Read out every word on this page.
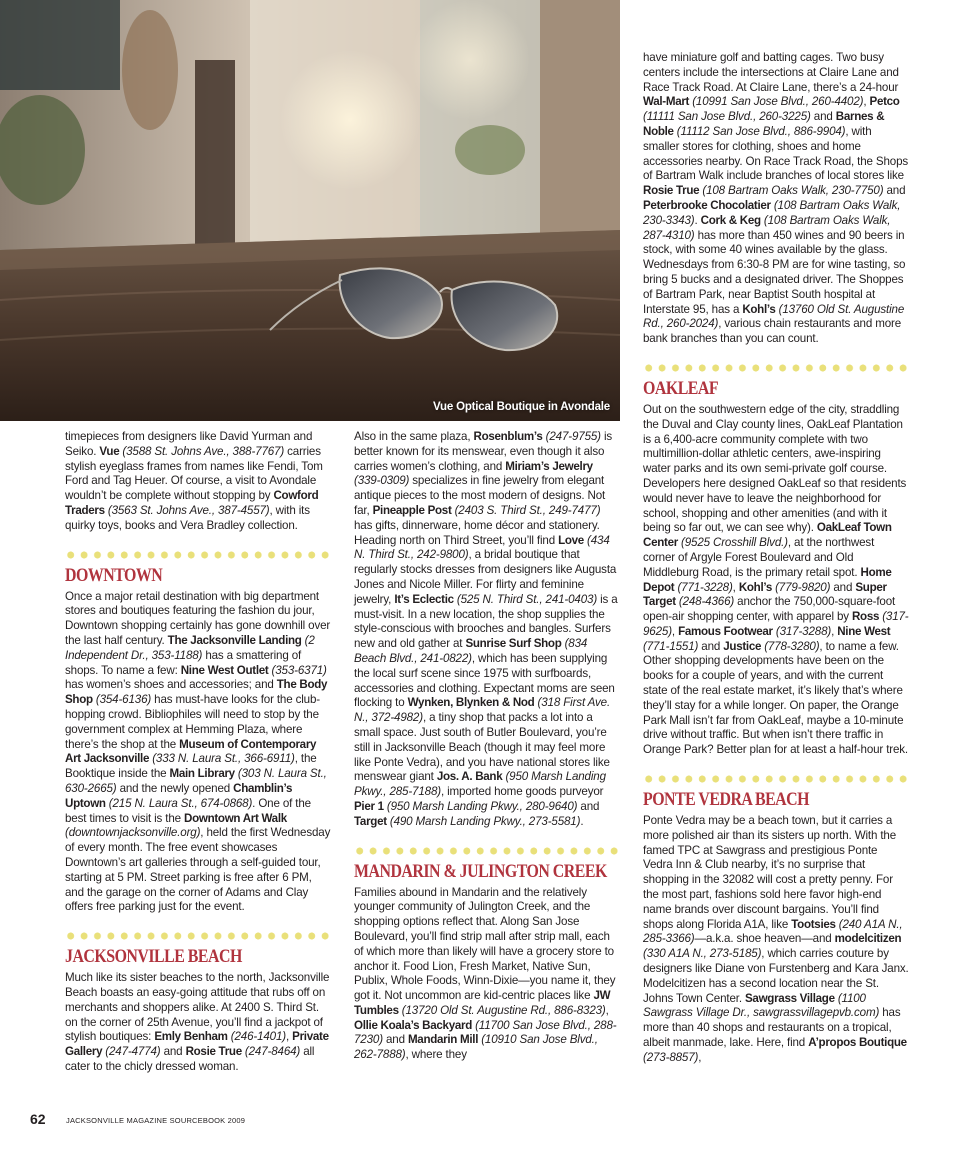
Vue Optical Boutique in Avondale

timepieces from designers like David Yurman and Seiko. Vue (3588 St. Johns Ave., 388-7767) carries stylish eyeglass frames from names like Fendi, Tom Ford and Tag Heuer. Of course, a visit to Avondale wouldn’t be complete without stopping by Cowford Traders (3563 St. Johns Ave., 387-4557), with its quirky toys, books and Vera Bradley collection.

DOWNTOWN

Once a major retail destination with big department stores and boutiques featuring the fashion du jour, Downtown shopping certainly has gone downhill over the last half century. The Jacksonville Landing (2 Independent Dr., 353-1188) has a smattering of shops. To name a few: Nine West Outlet (353-6371) has women’s shoes and accessories; and The Body Shop (354-6136) has must-have looks for the club-hopping crowd. Bibliophiles will need to stop by the government complex at Hemming Plaza, where there’s the shop at the Museum of Contemporary Art Jacksonville (333 N. Laura St., 366-6911), the Booktique inside the Main Library (303 N. Laura St., 630-2665) and the newly opened Chamblin’s Uptown (215 N. Laura St., 674-0868). One of the best times to visit is the Downtown Art Walk (downtownjacksonville.org), held the first Wednesday of every month. The free event showcases Downtown’s art galleries through a self-guided tour, starting at 5 PM. Street parking is free after 6 PM, and the garage on the corner of Adams and Clay offers free parking just for the event.

JACKSONVILLE BEACH

Much like its sister beaches to the north, Jacksonville Beach boasts an easy-going attitude that rubs off on merchants and shoppers alike. At 2400 S. Third St. on the corner of 25th Avenue, you’ll find a jackpot of stylish boutiques: Emly Benham (246-1401), Private Gallery (247-4774) and Rosie True (247-8464) all cater to the chicly dressed woman.

Also in the same plaza, Rosenblum’s (247-9755) is better known for its menswear, even though it also carries women’s clothing, and Miriam’s Jewelry (339-0309) specializes in fine jewelry from elegant antique pieces to the most modern of designs. Not far, Pineapple Post (2403 S. Third St., 249-7477) has gifts, dinnerware, home décor and stationery. Heading north on Third Street, you’ll find Love (434 N. Third St., 242-9800), a bridal boutique that regularly stocks dresses from designers like Augusta Jones and Nicole Miller. For flirty and feminine jewelry, It’s Eclectic (525 N. Third St., 241-0403) is a must-visit. In a new location, the shop supplies the style-conscious with brooches and bangles. Surfers new and old gather at Sunrise Surf Shop (834 Beach Blvd., 241-0822), which has been supplying the local surf scene since 1975 with surfboards, accessories and clothing. Expectant moms are seen flocking to Wynken, Blynken & Nod (318 First Ave. N., 372-4982), a tiny shop that packs a lot into a small space. Just south of Butler Boulevard, you’re still in Jacksonville Beach (though it may feel more like Ponte Vedra), and you have national stores like menswear giant Jos. A. Bank (950 Marsh Landing Pkwy., 285-7188), imported home goods purveyor Pier 1 (950 Marsh Landing Pkwy., 280-9640) and Target (490 Marsh Landing Pkwy., 273-5581).

MANDARIN & JULINGTON CREEK

Families abound in Mandarin and the relatively younger community of Julington Creek, and the shopping options reflect that. Along San Jose Boulevard, you’ll find strip mall after strip mall, each of which more than likely will have a grocery store to anchor it. Food Lion, Fresh Market, Native Sun, Publix, Whole Foods, Winn-Dixie—you name it, they got it. Not uncommon are kid-centric places like JW Tumbles (13720 Old St. Augustine Rd., 886-8323), Ollie Koala’s Backyard (11700 San Jose Blvd., 288-7230) and Mandarin Mill (10910 San Jose Blvd., 262-7888), where they

have miniature golf and batting cages. Two busy centers include the intersections at Claire Lane and Race Track Road. At Claire Lane, there’s a 24-hour Wal-Mart (10991 San Jose Blvd., 260-4402), Petco (11111 San Jose Blvd., 260-3225) and Barnes & Noble (11112 San Jose Blvd., 886-9904), with smaller stores for clothing, shoes and home accessories nearby. On Race Track Road, the Shops of Bartram Walk include branches of local stores like Rosie True (108 Bartram Oaks Walk, 230-7750) and Peterbrooke Chocolatier (108 Bartram Oaks Walk, 230-3343). Cork & Keg (108 Bartram Oaks Walk, 287-4310) has more than 450 wines and 90 beers in stock, with some 40 wines available by the glass. Wednesdays from 6:30-8 PM are for wine tasting, so bring 5 bucks and a designated driver. The Shoppes of Bartram Park, near Baptist South hospital at Interstate 95, has a Kohl’s (13760 Old St. Augustine Rd., 260-2024), various chain restaurants and more bank branches than you can count.

OAKLEAF

Out on the southwestern edge of the city, straddling the Duval and Clay county lines, OakLeaf Plantation is a 6,400-acre community complete with two multimillion-dollar athletic centers, awe-inspiring water parks and its own semi-private golf course. Developers here designed OakLeaf so that residents would never have to leave the neighborhood for school, shopping and other amenities (and with it being so far out, we can see why). OakLeaf Town Center (9525 Crosshill Blvd.), at the northwest corner of Argyle Forest Boulevard and Old Middleburg Road, is the primary retail spot. Home Depot (771-3228), Kohl’s (779-9820) and Super Target (248-4366) anchor the 750,000-square-foot open-air shopping center, with apparel by Ross (317-9625), Famous Footwear (317-3288), Nine West (771-1551) and Justice (778-3280), to name a few. Other shopping developments have been on the books for a couple of years, and with the current state of the real estate market, it’s likely that’s where they’ll stay for a while longer. On paper, the Orange Park Mall isn’t far from OakLeaf, maybe a 10-minute drive without traffic. But when isn’t there traffic in Orange Park? Better plan for at least a half-hour trek.

PONTE VEDRA BEACH

Ponte Vedra may be a beach town, but it carries a more polished air than its sisters up north. With the famed TPC at Sawgrass and prestigious Ponte Vedra Inn & Club nearby, it’s no surprise that shopping in the 32082 will cost a pretty penny. For the most part, fashions sold here favor high-end name brands over discount bargains. You’ll find shops along Florida A1A, like Tootsies (240 A1A N., 285-3366)—a.k.a. shoe heaven—and modelcitizen (330 A1A N., 273-5185), which carries couture by designers like Diane von Furstenberg and Kara Janx. Modelcitizen has a second location near the St. Johns Town Center. Sawgrass Village (1100 Sawgrass Village Dr., sawgrassvillagepvb.com) has more than 40 shops and restaurants on a tropical, albeit manmade, lake. Here, find A’propos Boutique (273-8857),

62	JACKSONVILLE MAGAZINE SOURCEBOOK 2009
